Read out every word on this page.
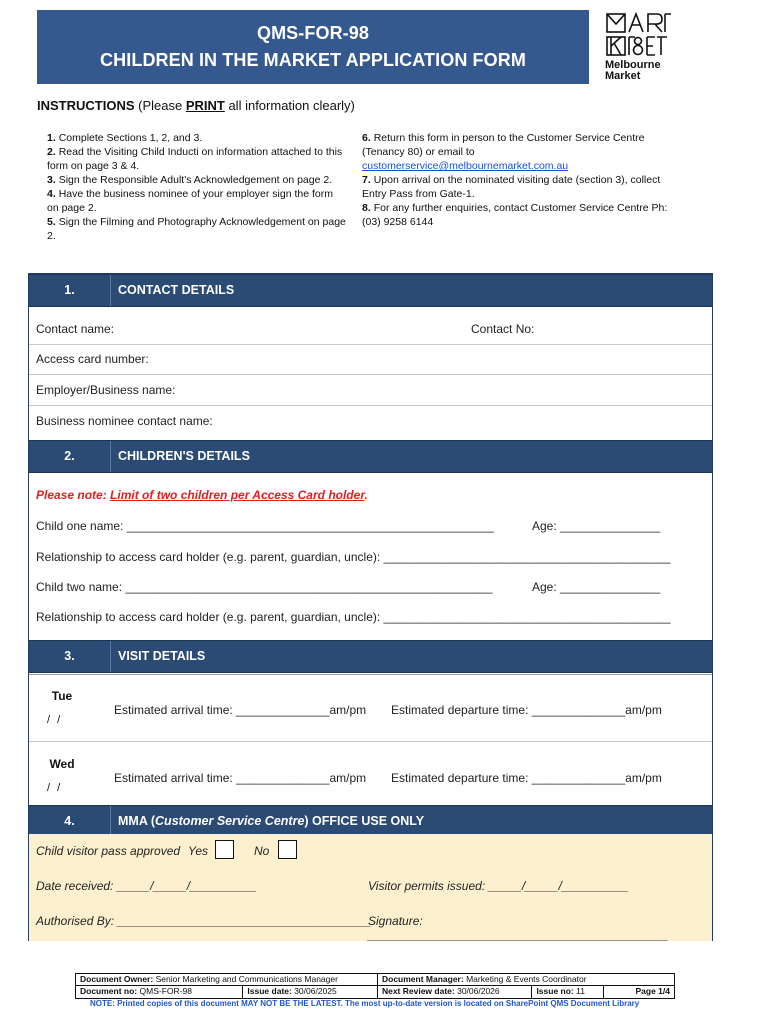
QMS-FOR-98
CHILDREN IN THE MARKET APPLICATION FORM	Melbourne
Market
INSTRUCTIONS (Please PRINT all information clearly)

1. Complete Sections 1, 2, and 3.

2. Read the Visiting Child Inducti on information attached to this form on page 3 & 4.

3. Sign the Responsible Adult's Acknowledgement on page 2.

4. Have the business nominee of your employer sign the form on page 2.

5. Sign the Filming and Photography Acknowledgement on page 2.

6. Return this form in person to the Customer Service Centre (Tenancy 80) or email to
customerservice@melbournemarket.com.au

7. Upon arrival on the nominated visiting date (section 3), collect Entry Pass from Gate-1.

8. For any further enquiries, contact Customer Service Centre Ph: (03) 9258 6144

1.	CONTACT DETAILS
Contact name:	Contact No:
Access card number:
Employer/Business name:
Business nominee contact name:
2.	CHILDREN'S DETAILS
Please note: Limit of two children per Access Card holder.
Child one name: _______________________________________________________	Age: _______________
Relationship to access card holder (e.g. parent, guardian, uncle): ___________________________________________
Child two name: _______________________________________________________	Age: _______________
Relationship to access card holder (e.g. parent, guardian, uncle): ___________________________________________
3.	VISIT DETAILS
Tue
/ /
Estimated arrival time: ______________am/pm Estimated departure time: ______________am/pm
Wed
/ /
Estimated arrival time: ______________am/pm Estimated departure time: ______________am/pm
4.	MMA (Customer Service Centre) OFFICE USE ONLY
Child visitor pass approved Yes	No
Date received: _____/_____/__________	Visitor permits issued: _____/_____/__________
Authorised By: ______________________________________
Signature: _____________________________________________
Document Owner: Senior Marketing and Communications Manager	Document Manager: Marketing & Events Coordinator
Document no: QMS-FOR-98	Issue date: 30/06/2025	Next Review date: 30/06/2026	Issue no: 11	Page 1/4
NOTE: Printed copies of this document MAY NOT BE THE LATEST. The most up-to-date version is located on SharePoint QMS Document Library
